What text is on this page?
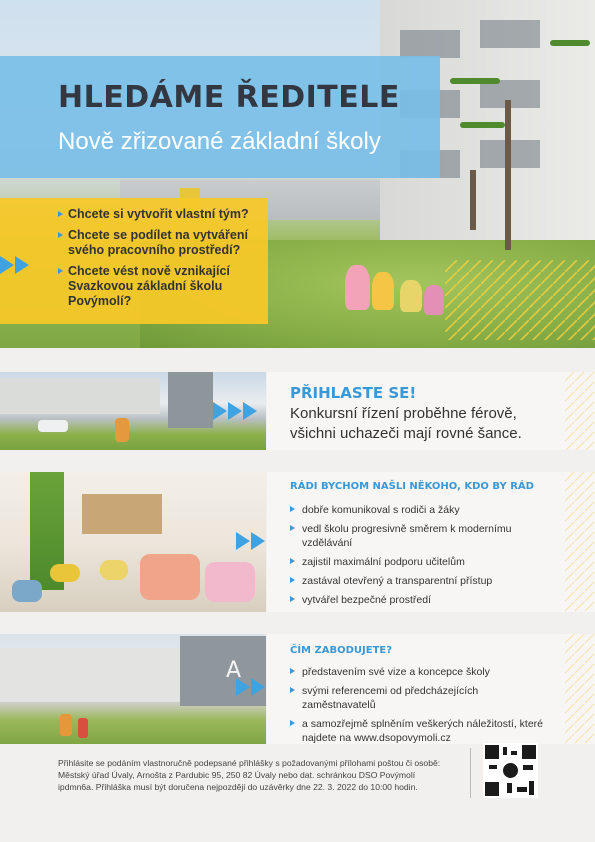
HLEDÁME ŘEDITELE

Nově zřizované základní školy

Chcete si vytvořit vlastní tým?
Chcete se podílet na vytváření svého pracovního prostředí?
Chcete vést nově vznikající Svazkovou základní školu Povýmolí?
PŘIHLASTE SE!

Konkursní řízení proběhne férově,
všichni uchazeči mají rovné šance.

RÁDI BYCHOM NAŠLI NĚKOHO, KDO BY RÁD
dobře komunikoval s rodiči a žáky
vedl školu progresivně směrem k modernímu vzdělávání
zajistil maximální podporu učitelům
zastával otevřený a transparentní přístup
vytvářel bezpečné prostředí
A
ČÍM ZABODUJETE?
představením své vize a koncepce školy
svými referencemi od předcházejících zaměstnavatelů
a samozřejmě splněním veškerých náležitostí, které najdete na www.dsopovymoli.cz

Přihlásite se podáním vlastnoručně podepsané přihlášky s požadovanými přílohami poštou či osobě:
Městský úřad Úvaly, Arnošta z Pardubic 95, 250 82 Úvaly nebo dat. schránkou DSO Povýmolí
ipdmn6a. Přihláška musí být doručena nejpozději do uzávěrky dne 22. 3. 2022 do 10:00 hodin.
